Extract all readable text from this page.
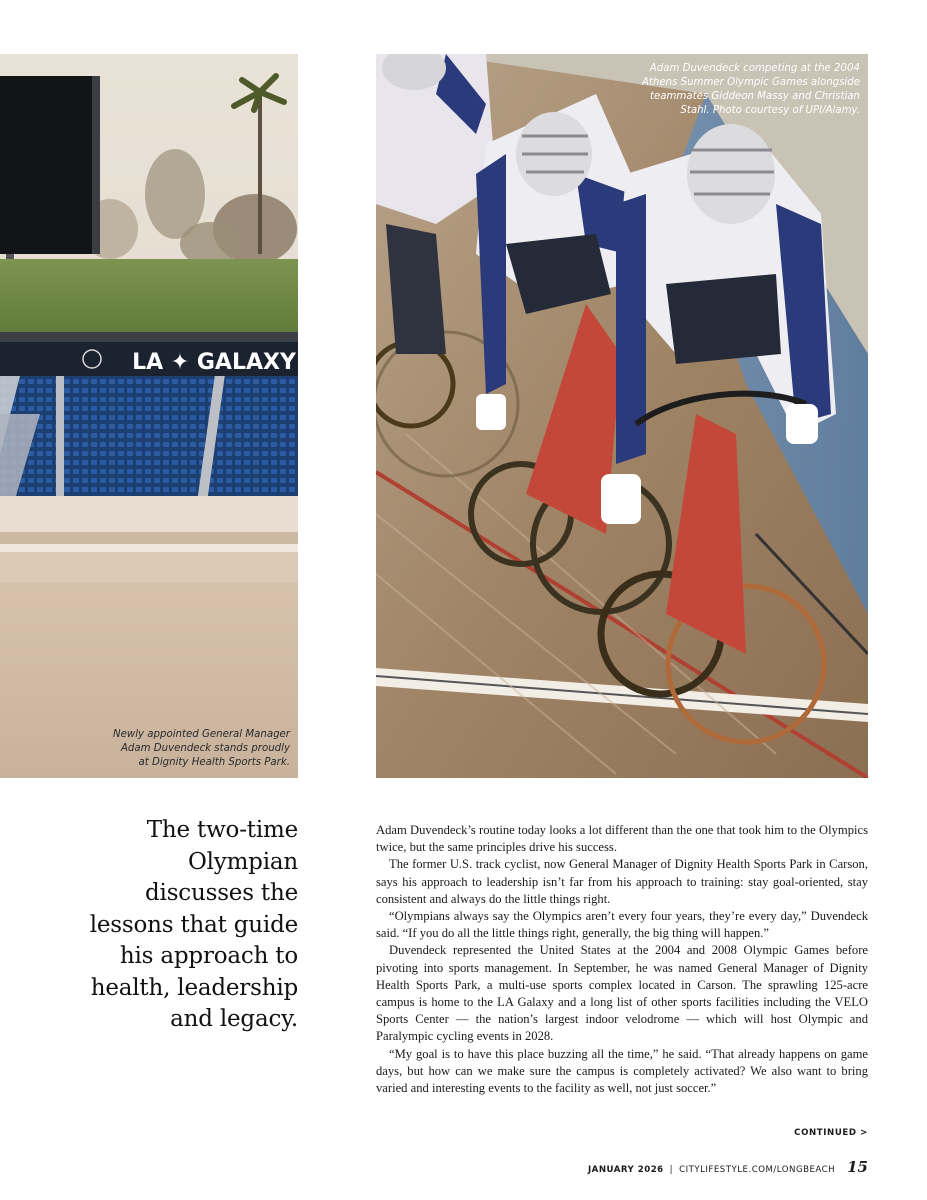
LA ✦ GALAXY
Newly appointed General Manager
Adam Duvendeck stands proudly
at Dignity Health Sports Park.
Adam Duvendeck competing at the 2004
Athens Summer Olympic Games alongside
teammates Giddeon Massy and Christian
Stahl. Photo courtesy of UPI/Alamy.
The two-time
Olympian
discusses the
lessons that guide
his approach to
health, leadership
and legacy.

Adam Duvendeck’s routine today looks a lot different than the one that took him to the Olympics twice, but the same principles drive his success.

The former U.S. track cyclist, now General Manager of Dignity Health Sports Park in Carson, says his approach to leadership isn’t far from his approach to training: stay goal-oriented, stay consistent and always do the little things right.

“Olympians always say the Olympics aren’t every four years, they’re every day,” Duvendeck said. “If you do all the little things right, generally, the big thing will happen.”

Duvendeck represented the United States at the 2004 and 2008 Olympic Games before pivoting into sports management. In September, he was named General Manager of Dignity Health Sports Park, a multi-use sports complex located in Carson. The sprawling 125-acre campus is home to the LA Galaxy and a long list of other sports facilities including the VELO Sports Center — the nation’s largest indoor velodrome — which will host Olympic and Paralympic cycling events in 2028.

“My goal is to have this place buzzing all the time,” he said. “That already happens on game days, but how can we make sure the campus is completely activated? We also want to bring varied and interesting events to the facility as well, not just soccer.”

CONTINUED >
JANUARY 2026 | CITYLIFESTYLE.COM/LONGBEACH 15
